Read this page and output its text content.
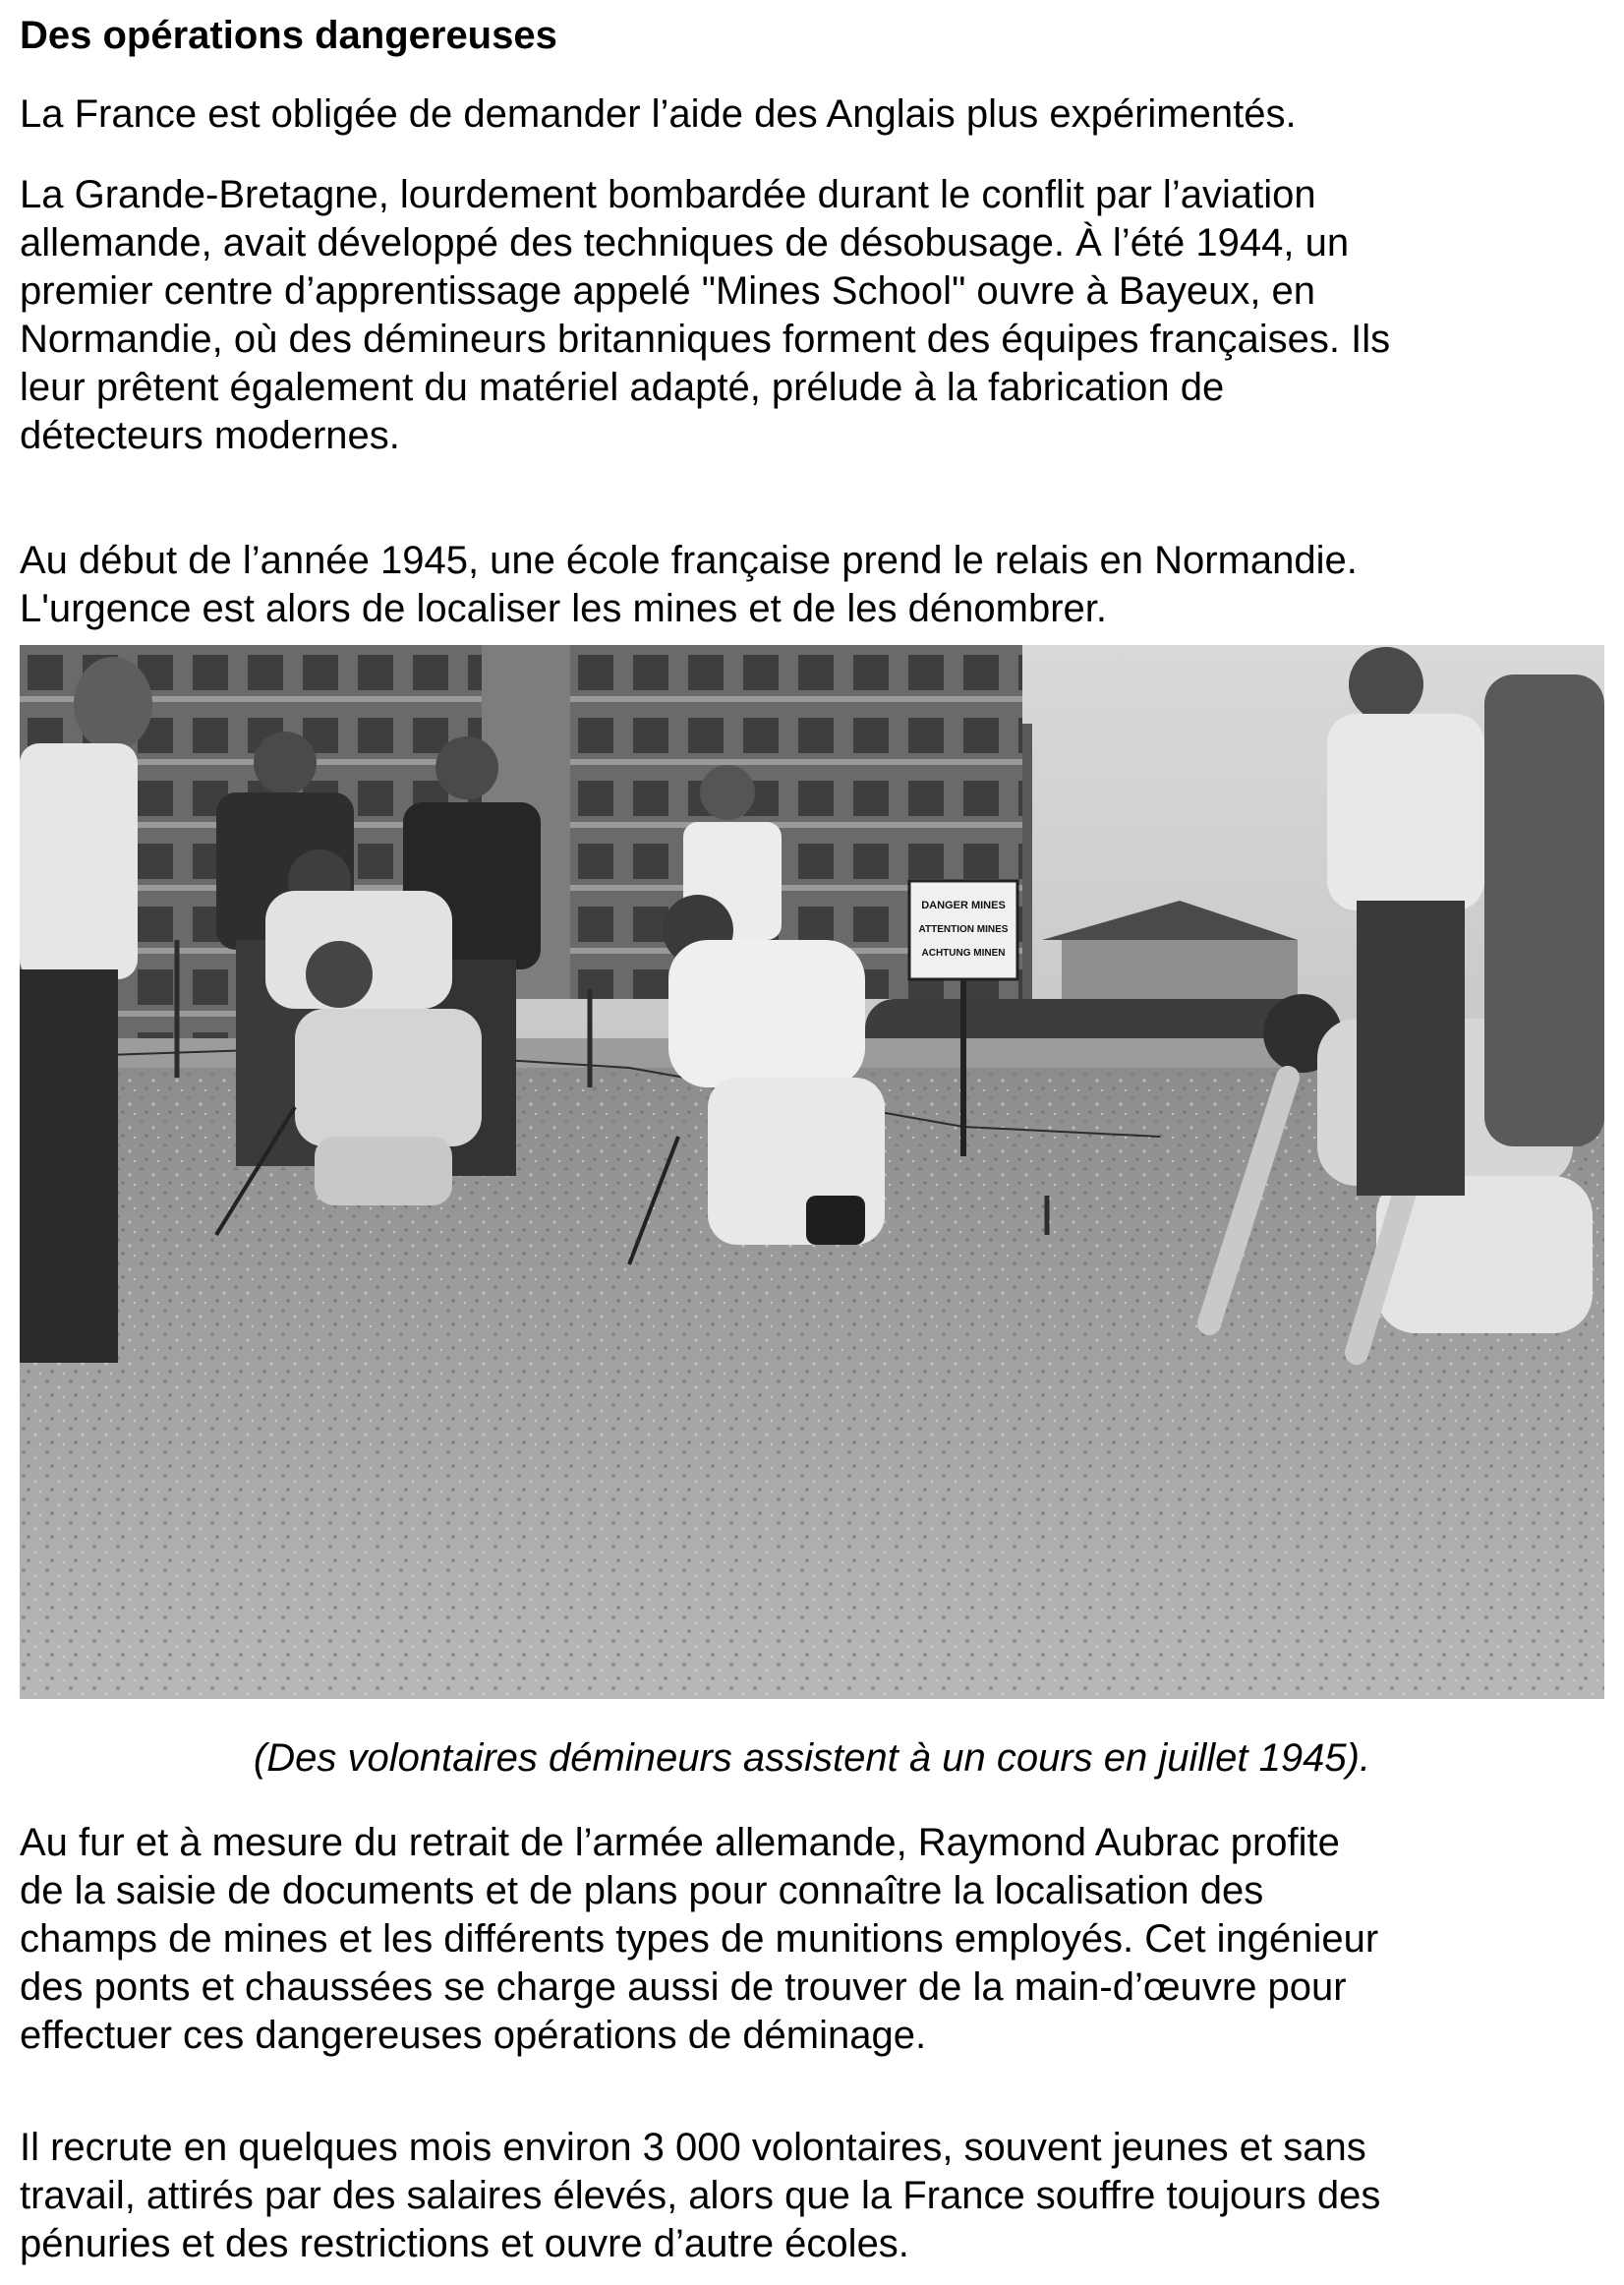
Des opérations dangereuses

La France est obligée de demander l’aide des Anglais plus expérimentés.

La Grande-Bretagne, lourdement bombardée durant le conflit par l’aviation
allemande, avait développé des techniques de désobusage. À l’été 1944, un
premier centre d’apprentissage appelé "Mines School" ouvre à Bayeux, en
Normandie, où des démineurs britanniques forment des équipes françaises. Ils
leur prêtent également du matériel adapté, prélude à la fabrication de
détecteurs modernes.

Au début de l’année 1945, une école française prend le relais en Normandie.
L'urgence est alors de localiser les mines et de les dénombrer.

DANGER MINES
ATTENTION MINES
ACHTUNG MINEN

(Des volontaires démineurs assistent à un cours en juillet 1945).

Au fur et à mesure du retrait de l’armée allemande, Raymond Aubrac profite
de la saisie de documents et de plans pour connaître la localisation des
champs de mines et les différents types de munitions employés. Cet ingénieur
des ponts et chaussées se charge aussi de trouver de la main-d’œuvre pour
effectuer ces dangereuses opérations de déminage.

Il recrute en quelques mois environ 3 000 volontaires, souvent jeunes et sans
travail, attirés par des salaires élevés, alors que la France souffre toujours des
pénuries et des restrictions et ouvre d’autre écoles.
